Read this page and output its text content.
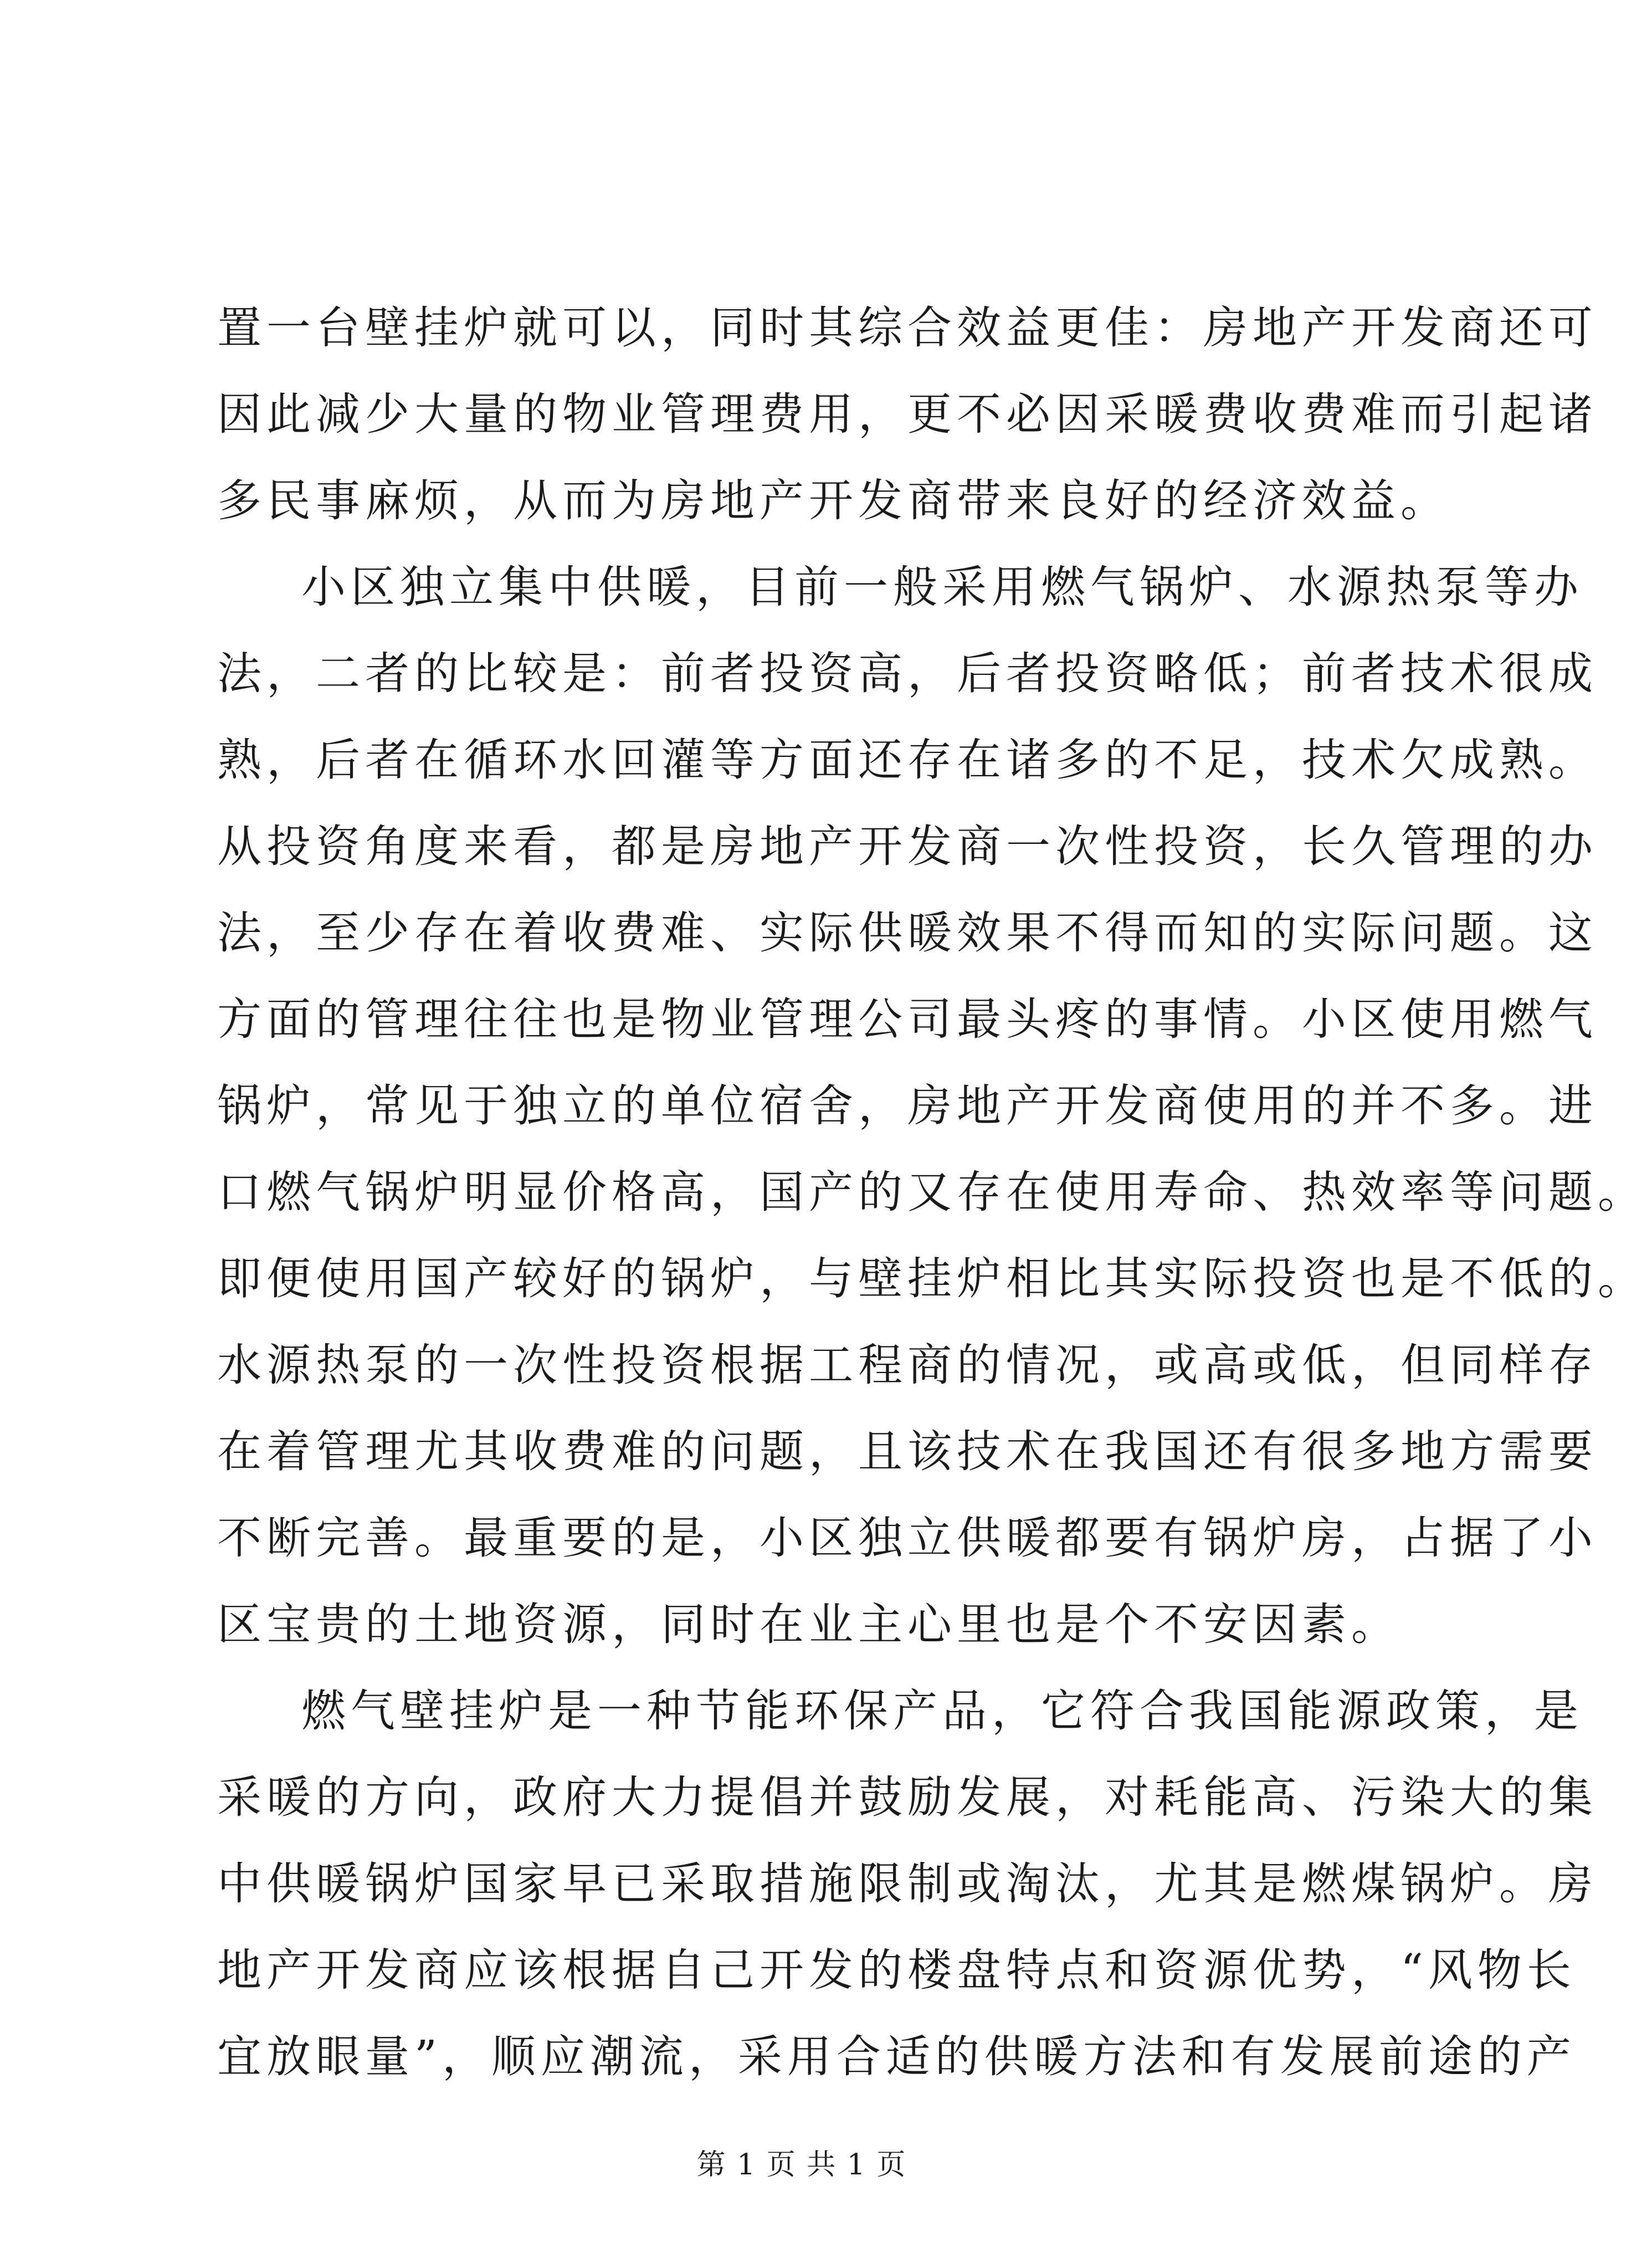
置一台壁挂炉就可以，同时其综合效益更佳：房地产开发商还可
因此减少大量的物业管理费用，更不必因采暖费收费难而引起诸
多民事麻烦，从而为房地产开发商带来良好的经济效益。
小区独立集中供暖，目前一般采用燃气锅炉、水源热泵等办
法，二者的比较是：前者投资高，后者投资略低；前者技术很成
熟，后者在循环水回灌等方面还存在诸多的不足，技术欠成熟。
从投资角度来看，都是房地产开发商一次性投资，长久管理的办
法，至少存在着收费难、实际供暖效果不得而知的实际问题。这
方面的管理往往也是物业管理公司最头疼的事情。小区使用燃气
锅炉，常见于独立的单位宿舍，房地产开发商使用的并不多。进
口燃气锅炉明显价格高，国产的又存在使用寿命、热效率等问题。
即便使用国产较好的锅炉，与壁挂炉相比其实际投资也是不低的。
水源热泵的一次性投资根据工程商的情况，或高或低，但同样存
在着管理尤其收费难的问题，且该技术在我国还有很多地方需要
不断完善。最重要的是，小区独立供暖都要有锅炉房，占据了小
区宝贵的土地资源，同时在业主心里也是个不安因素。
燃气壁挂炉是一种节能环保产品，它符合我国能源政策，是
采暖的方向，政府大力提倡并鼓励发展，对耗能高、污染大的集
中供暖锅炉国家早已采取措施限制或淘汰，尤其是燃煤锅炉。房
地产开发商应该根据自己开发的楼盘特点和资源优势，“风物长
宜放眼量”，顺应潮流，采用合适的供暖方法和有发展前途的产
第 1 页 共 1 页
